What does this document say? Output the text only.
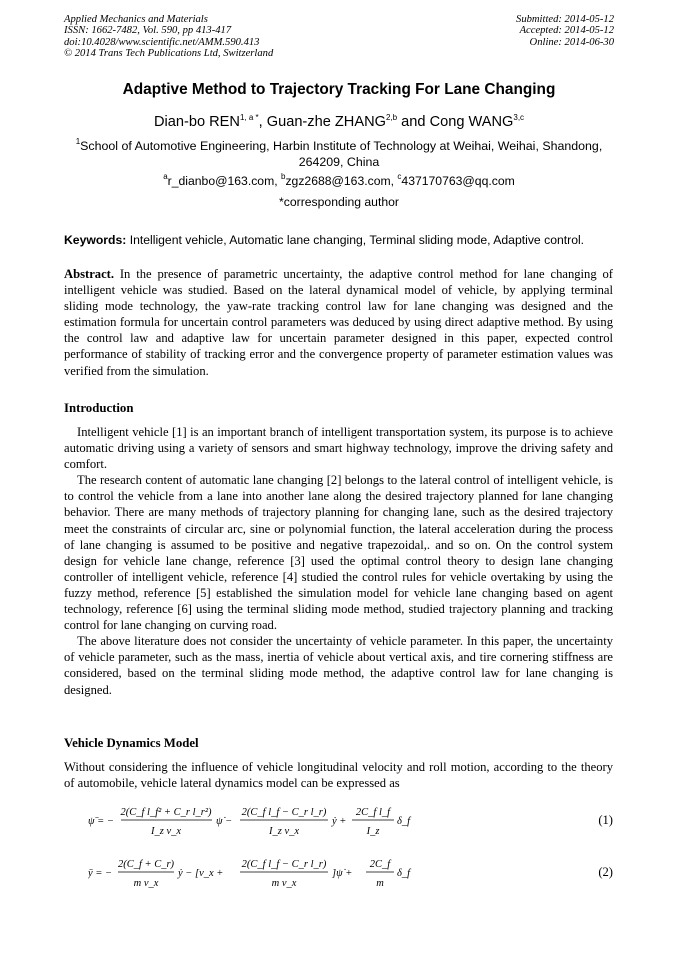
Applied Mechanics and Materials
ISSN: 1662-7482, Vol. 590, pp 413-417
doi:10.4028/www.scientific.net/AMM.590.413
© 2014 Trans Tech Publications Ltd, Switzerland
Submitted: 2014-05-12
Accepted: 2014-05-12
Online: 2014-06-30
Adaptive Method to Trajectory Tracking For Lane Changing
Dian-bo $REN^{1, a *}$, Guan-zhe ZHANG$^{2,b}$ and Cong WANG$^{3,c}$
$^1$School of Automotive Engineering, Harbin Institute of Technology at Weihai, Weihai, Shandong, 264209, China
$^a$r_dianbo@163.com, $^b$zgz2688@163.com, $^c$437170763@qq.com
*corresponding author
Keywords: Intelligent vehicle, Automatic lane changing, Terminal sliding mode, Adaptive control.
Abstract. In the presence of parametric uncertainty, the adaptive control method for lane changing of intelligent vehicle was studied. Based on the lateral dynamical model of vehicle, by applying terminal sliding mode technology, the yaw-rate tracking control law for lane changing was designed and the estimation formula for uncertain control parameters was deduced by using direct adaptive method. By using the control law and adaptive law for uncertain parameter designed in this paper, expected control performance of stability of tracking error and the convergence property of parameter estimation values was verified from the simulation.
Introduction

Intelligent vehicle [1] is an important branch of intelligent transportation system, its purpose is to achieve automatic driving using a variety of sensors and smart highway technology, improve the driving safety and comfort.

The research content of automatic lane changing [2] belongs to the lateral control of intelligent vehicle, is to control the vehicle from a lane into another lane along the desired trajectory planned for lane changing behavior. There are many methods of trajectory planning for changing lane, such as the desired trajectory meet the constraints of circular arc, sine or polynomial function, the lateral acceleration during the process of lane changing is assumed to be positive and negative trapezoidal,. and so on. On the control system design for vehicle lane change, reference [3] used the optimal control theory to design lane changing controller of intelligent vehicle, reference [4] studied the control rules for vehicle overtaking by using the fuzzy method, reference [5] established the simulation model for vehicle lane changing based on agent technology, reference [6] using the terminal sliding mode method, studied trajectory planning and tracking control for lane changing on curving road.

The above literature does not consider the uncertainty of vehicle parameter. In this paper, the uncertainty of vehicle parameter, such as the mass, inertia of vehicle about vertical axis, and tire cornering stiffness are considered, based on the terminal sliding mode method, the adaptive control law for lane changing is designed.

Vehicle Dynamics Model

Without considering the influence of vehicle longitudinal velocity and roll motion, according to the theory of automobile, vehicle lateral dynamics model can be expressed as

ψ̈ = −
2(C_f l_f² + C_r l_r²)
I_z v_x
ψ̇ −
2(C_f l_f − C_r l_r)
I_z v_x
ẏ +
2C_f l_f
I_z
δ_f	(1)
ÿ = −
2(C_f + C_r)
m v_x
ẏ − [v_x +
2(C_f l_f − C_r l_r)
m v_x
]ψ̇ +
2C_f
m
δ_f	(2)
